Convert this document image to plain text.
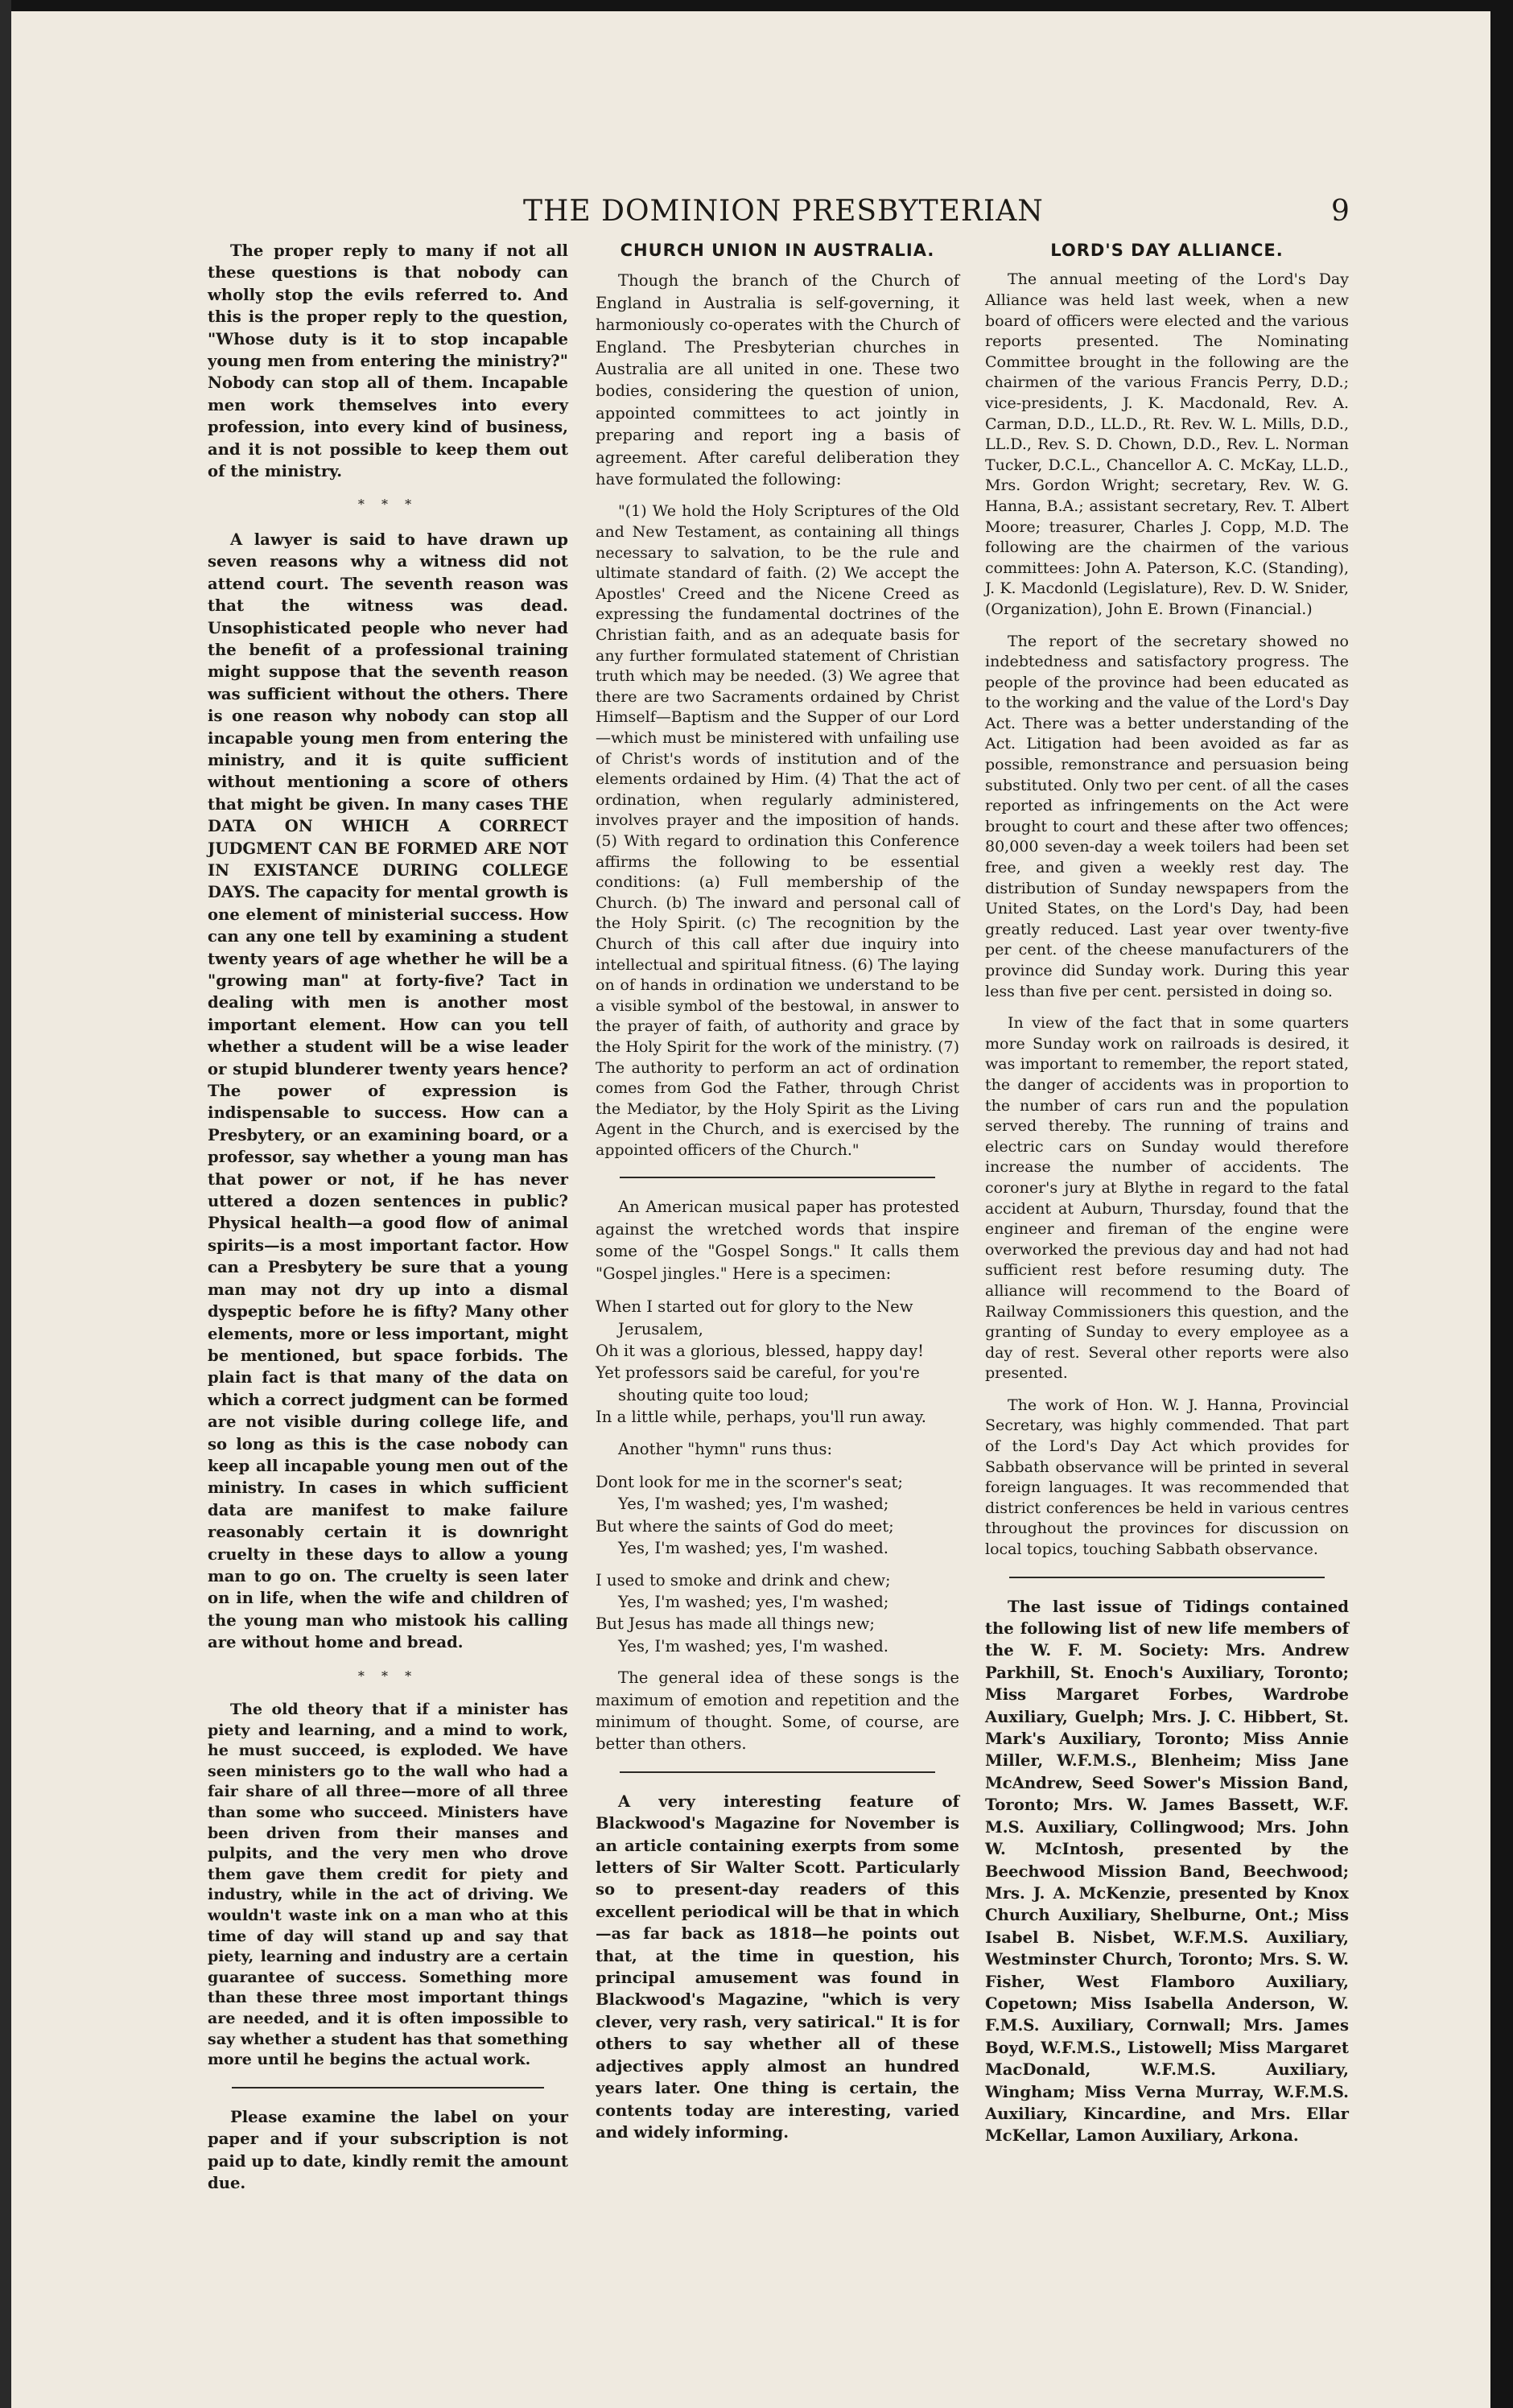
THE DOMINION PRESBYTERIAN	9

The proper reply to many if not all these questions is that nobody can wholly stop the evils referred to. And this is the proper reply to the question, "Whose duty is it to stop incapable young men from entering the ministry?" Nobody can stop all of them. Incapable men work themselves into every profession, into every kind of business, and it is not possible to keep them out of the ministry.

* * *

A lawyer is said to have drawn up seven reasons why a witness did not attend court. The seventh reason was that the witness was dead. Unsophisticated people who never had the benefit of a professional training might suppose that the seventh reason was sufficient without the others. There is one reason why nobody can stop all incapable young men from entering the ministry, and it is quite sufficient without mentioning a score of others that might be given. In many cases THE DATA ON WHICH A CORRECT JUDGMENT CAN BE FORMED ARE NOT IN EXISTANCE DURING COLLEGE DAYS. The capacity for mental growth is one element of ministerial success. How can any one tell by examining a student twenty years of age whether he will be a "growing man" at forty-five? Tact in dealing with men is another most important element. How can you tell whether a student will be a wise leader or stupid blunderer twenty years hence? The power of expression is indispensable to success. How can a Presbytery, or an examining board, or a professor, say whether a young man has that power or not, if he has never uttered a dozen sentences in public? Physical health—a good flow of animal spirits—is a most important factor. How can a Presbytery be sure that a young man may not dry up into a dismal dyspeptic before he is fifty? Many other elements, more or less important, might be mentioned, but space forbids. The plain fact is that many of the data on which a correct judgment can be formed are not visible during college life, and so long as this is the case nobody can keep all incapable young men out of the ministry. In cases in which sufficient data are manifest to make failure reasonably certain it is downright cruelty in these days to allow a young man to go on. The cruelty is seen later on in life, when the wife and children of the young man who mistook his calling are without home and bread.

* * *

The old theory that if a minister has piety and learning, and a mind to work, he must succeed, is exploded. We have seen ministers go to the wall who had a fair share of all three—more of all three than some who succeed. Ministers have been driven from their manses and pulpits, and the very men who drove them gave them credit for piety and industry, while in the act of driving. We wouldn't waste ink on a man who at this time of day will stand up and say that piety, learning and industry are a certain guarantee of success. Something more than these three most important things are needed, and it is often impossible to say whether a student has that something more until he begins the actual work.

Please examine the label on your paper and if your subscription is not paid up to date, kindly remit the amount due.

CHURCH UNION IN AUSTRALIA.

Though the branch of the Church of England in Australia is self-governing, it harmoniously co-operates with the Church of England. The Presbyterian churches in Australia are all united in one. These two bodies, considering the question of union, appointed committees to act jointly in preparing and report ing a basis of agreement. After careful deliberation they have formulated the following:

"(1) We hold the Holy Scriptures of the Old and New Testament, as containing all things necessary to salvation, to be the rule and ultimate standard of faith. (2) We accept the Apostles' Creed and the Nicene Creed as expressing the fundamental doctrines of the Christian faith, and as an adequate basis for any further formulated statement of Christian truth which may be needed. (3) We agree that there are two Sacraments ordained by Christ Himself—Baptism and the Supper of our Lord—which must be ministered with unfailing use of Christ's words of institution and of the elements ordained by Him. (4) That the act of ordination, when regularly administered, involves prayer and the imposition of hands. (5) With regard to ordination this Conference affirms the following to be essential conditions: (a) Full membership of the Church. (b) The inward and personal call of the Holy Spirit. (c) The recognition by the Church of this call after due inquiry into intellectual and spiritual fitness. (6) The laying on of hands in ordination we understand to be a visible symbol of the bestowal, in answer to the prayer of faith, of authority and grace by the Holy Spirit for the work of the ministry. (7) The authority to perform an act of ordination comes from God the Father, through Christ the Mediator, by the Holy Spirit as the Living Agent in the Church, and is exercised by the appointed officers of the Church."

An American musical paper has protested against the wretched words that inspire some of the "Gospel Songs." It calls them "Gospel jingles." Here is a specimen:

When I started out for glory to the New Jerusalem,
Oh it was a glorious, blessed, happy day!
Yet professors said be careful, for you're shouting quite too loud;
In a little while, perhaps, you'll run away.

Another "hymn" runs thus:

Dont look for me in the scorner's seat;
Yes, I'm washed; yes, I'm washed;
But where the saints of God do meet;
Yes, I'm washed; yes, I'm washed.
I used to smoke and drink and chew;
Yes, I'm washed; yes, I'm washed;
But Jesus has made all things new;
Yes, I'm washed; yes, I'm washed.

The general idea of these songs is the maximum of emotion and repetition and the minimum of thought. Some, of course, are better than others.

A very interesting feature of Blackwood's Magazine for November is an article containing exerpts from some letters of Sir Walter Scott. Particularly so to present-day readers of this excellent periodical will be that in which—as far back as 1818—he points out that, at the time in question, his principal amusement was found in Blackwood's Magazine, "which is very clever, very rash, very satirical." It is for others to say whether all of these adjectives apply almost an hundred years later. One thing is certain, the contents today are interesting, varied and widely informing.

LORD'S DAY ALLIANCE.

The annual meeting of the Lord's Day Alliance was held last week, when a new board of officers were elected and the various reports presented. The Nominating Committee brought in the following are the chairmen of the various Francis Perry, D.D.; vice-presidents, J. K. Macdonald, Rev. A. Carman, D.D., LL.D., Rt. Rev. W. L. Mills, D.D., LL.D., Rev. S. D. Chown, D.D., Rev. L. Norman Tucker, D.C.L., Chancellor A. C. McKay, LL.D., Mrs. Gordon Wright; secretary, Rev. W. G. Hanna, B.A.; assistant secretary, Rev. T. Albert Moore; treasurer, Charles J. Copp, M.D. The following are the chairmen of the various committees: John A. Paterson, K.C. (Standing), J. K. Macdonld (Legislature), Rev. D. W. Snider, (Organization), John E. Brown (Financial.)

The report of the secretary showed no indebtedness and satisfactory progress. The people of the province had been educated as to the working and the value of the Lord's Day Act. There was a better understanding of the Act. Litigation had been avoided as far as possible, remonstrance and persuasion being substituted. Only two per cent. of all the cases reported as infringements on the Act were brought to court and these after two offences; 80,000 seven-day a week toilers had been set free, and given a weekly rest day. The distribution of Sunday newspapers from the United States, on the Lord's Day, had been greatly reduced. Last year over twenty-five per cent. of the cheese manufacturers of the province did Sunday work. During this year less than five per cent. persisted in doing so.

In view of the fact that in some quarters more Sunday work on railroads is desired, it was important to remember, the report stated, the danger of accidents was in proportion to the number of cars run and the population served thereby. The running of trains and electric cars on Sunday would therefore increase the number of accidents. The coroner's jury at Blythe in regard to the fatal accident at Auburn, Thursday, found that the engineer and fireman of the engine were overworked the previous day and had not had sufficient rest before resuming duty. The alliance will recommend to the Board of Railway Commissioners this question, and the granting of Sunday to every employee as a day of rest. Several other reports were also presented.

The work of Hon. W. J. Hanna, Provincial Secretary, was highly commended. That part of the Lord's Day Act which provides for Sabbath observance will be printed in several foreign languages. It was recommended that district conferences be held in various centres throughout the provinces for discussion on local topics, touching Sabbath observance.

The last issue of Tidings contained the following list of new life members of the W. F. M. Society: Mrs. Andrew Parkhill, St. Enoch's Auxiliary, Toronto; Miss Margaret Forbes, Wardrobe Auxiliary, Guelph; Mrs. J. C. Hibbert, St. Mark's Auxiliary, Toronto; Miss Annie Miller, W.F.M.S., Blenheim; Miss Jane McAndrew, Seed Sower's Mission Band, Toronto; Mrs. W. James Bassett, W.F. M.S. Auxiliary, Collingwood; Mrs. John W. McIntosh, presented by the Beechwood Mission Band, Beechwood; Mrs. J. A. McKenzie, presented by Knox Church Auxiliary, Shelburne, Ont.; Miss Isabel B. Nisbet, W.F.M.S. Auxiliary, Westminster Church, Toronto; Mrs. S. W. Fisher, West Flamboro Auxiliary, Copetown; Miss Isabella Anderson, W. F.M.S. Auxiliary, Cornwall; Mrs. James Boyd, W.F.M.S., Listowell; Miss Margaret MacDonald, W.F.M.S. Auxiliary, Wingham; Miss Verna Murray, W.F.M.S. Auxiliary, Kincardine, and Mrs. Ellar McKellar, Lamon Auxiliary, Arkona.
